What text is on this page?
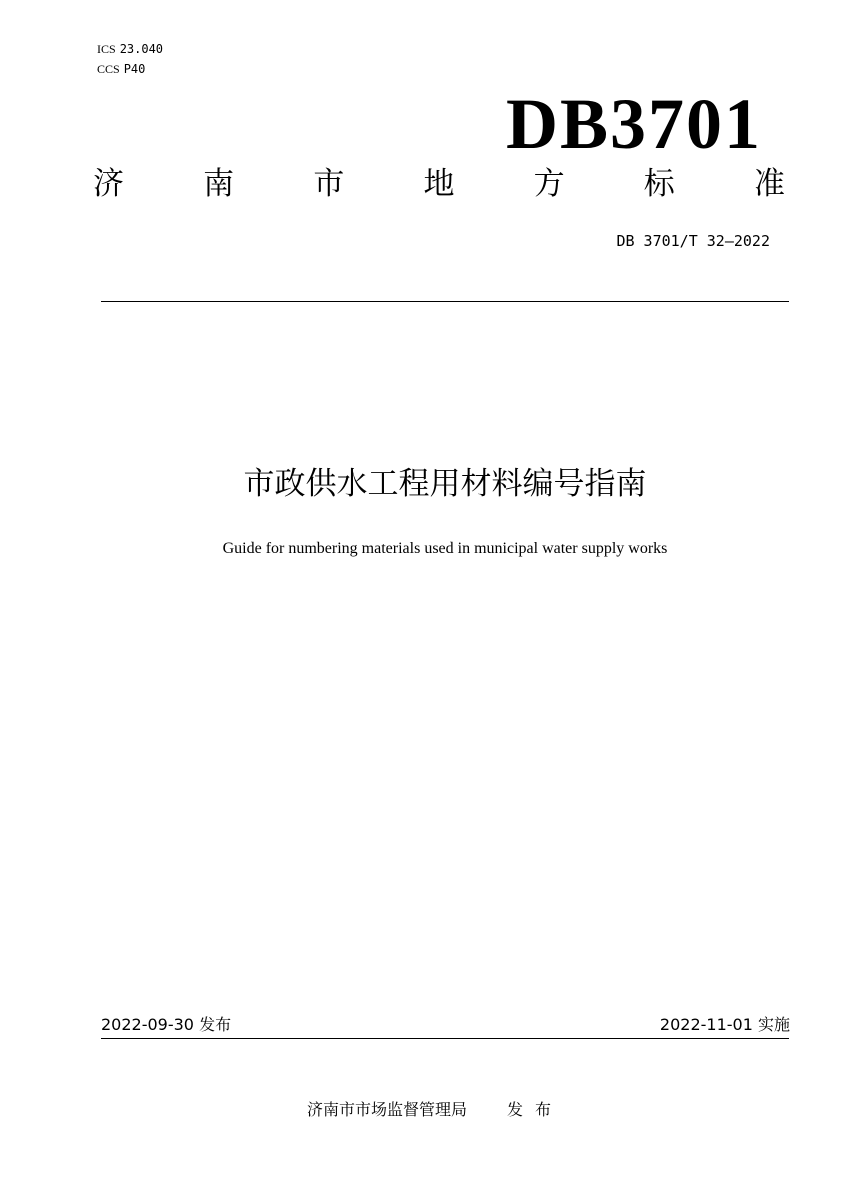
ICS 23.040
CCS P40
DB3701
济	南	市	地	方	标	准
DB 3701/T 32—2022
市政供水工程用材料编号指南
Guide for numbering materials used in municipal water supply works
2022-09-30 发布	2022-11-01 实施
济南市市场监督管理局	发布
